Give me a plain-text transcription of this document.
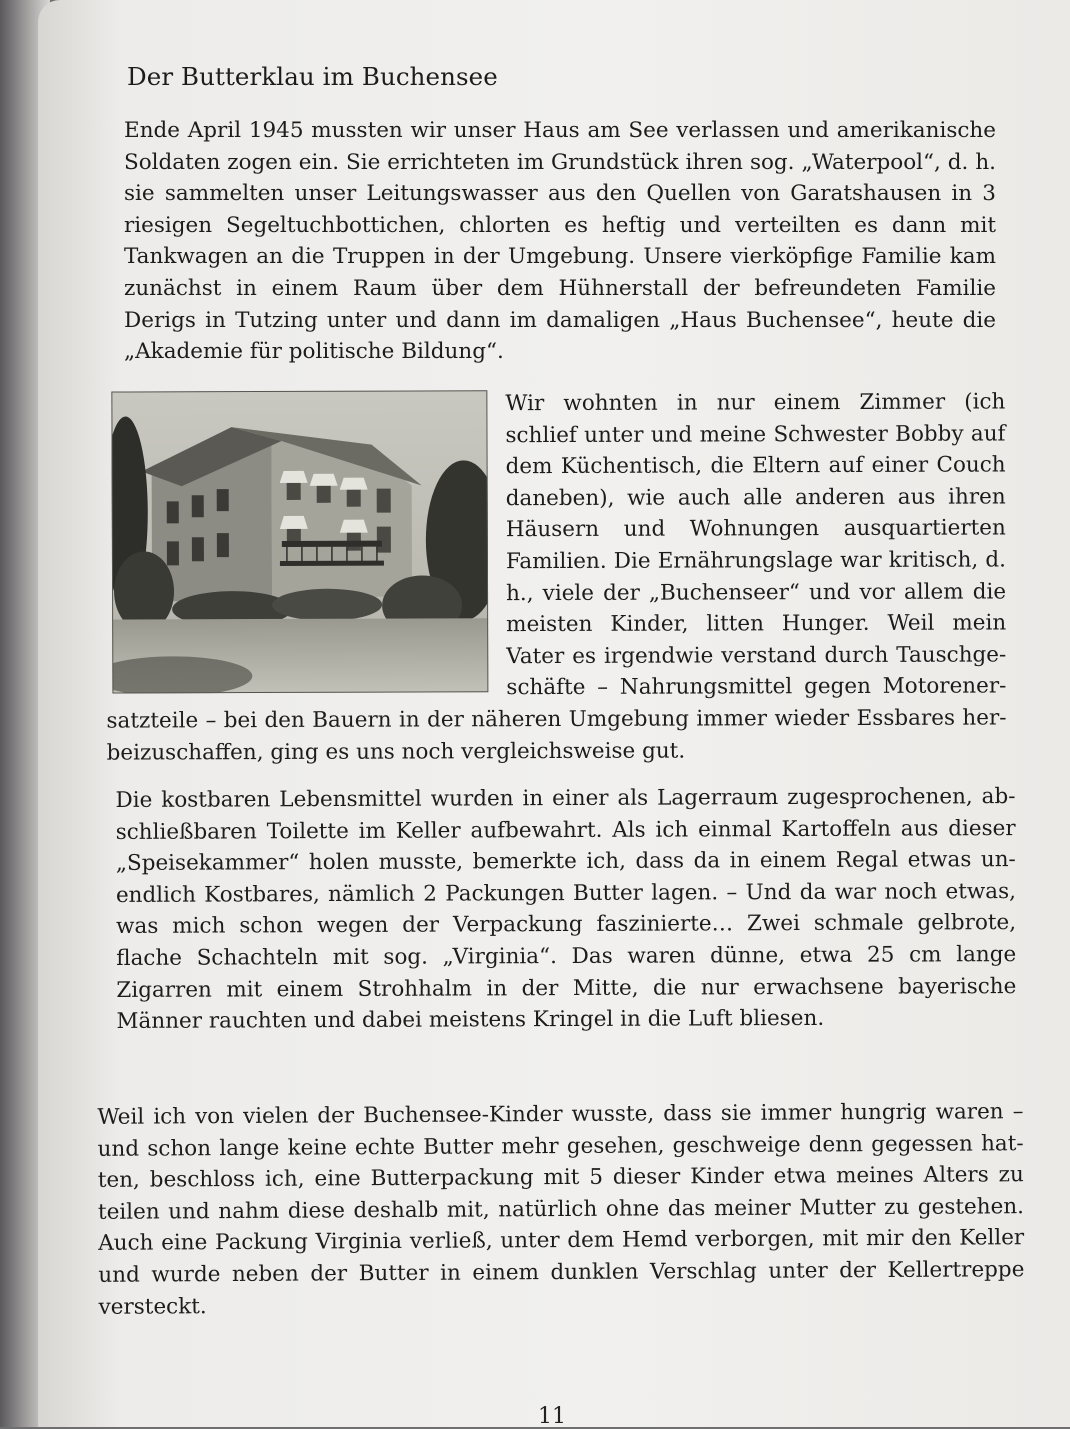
Der Butterklau im Buchensee

Ende April 1945 mussten wir unser Haus am See verlassen und amerikanische Soldaten zogen ein. Sie errichteten im Grundstück ihren sog. „Waterpool“, d. h. sie sammelten unser Leitungswasser aus den Quellen von Garatshausen in 3 riesigen Segeltuchbottichen, chlorten es heftig und verteilten es dann mit Tankwagen an die Truppen in der Umgebung. Unsere vierköpfige Familie kam zunächst in einem Raum über dem Hühnerstall der befreundeten Familie Derigs in Tutzing unter und dann im damaligen „Haus Buchensee“, heute die „Akademie für politische Bildung“.

Wir wohnten in nur einem Zimmer (ich schlief unter und meine Schwester Bobby auf dem Küchentisch, die Eltern auf einer Couch daneben), wie auch alle anderen aus ihren Häusern und Wohnungen ausquartierten Familien. Die Ernährungslage war kritisch, d. h., viele der „Buchenseer“ und vor allem die meisten Kinder, litten Hunger. Weil mein Vater es irgendwie verstand durch Tauschgeschäfte – Nahrungsmittel gegen Motorenersatzteile – bei den Bauern in der näheren Umgebung immer wieder Essbares herbeizuschaffen, ging es uns noch vergleichsweise gut.

Die kostbaren Lebensmittel wurden in einer als Lagerraum zugesprochenen, abschließbaren Toilette im Keller aufbewahrt. Als ich einmal Kartoffeln aus dieser „Speisekammer“ holen musste, bemerkte ich, dass da in einem Regal etwas unendlich Kostbares, nämlich 2 Packungen Butter lagen. – Und da war noch etwas, was mich schon wegen der Verpackung faszinierte… Zwei schmale gelbrote, flache Schachteln mit sog. „Virginia“. Das waren dünne, etwa 25 cm lange Zigarren mit einem Strohhalm in der Mitte, die nur erwachsene bayerische Männer rauchten und dabei meistens Kringel in die Luft bliesen.

Weil ich von vielen der Buchensee-Kinder wusste, dass sie immer hungrig waren – und schon lange keine echte Butter mehr gesehen, geschweige denn gegessen hatten, beschloss ich, eine Butterpackung mit 5 dieser Kinder etwa meines Alters zu teilen und nahm diese deshalb mit, natürlich ohne das meiner Mutter zu gestehen. Auch eine Packung Virginia verließ, unter dem Hemd verborgen, mit mir den Keller und wurde neben der Butter in einem dunklen Verschlag unter der Kellertreppe versteckt.

11
